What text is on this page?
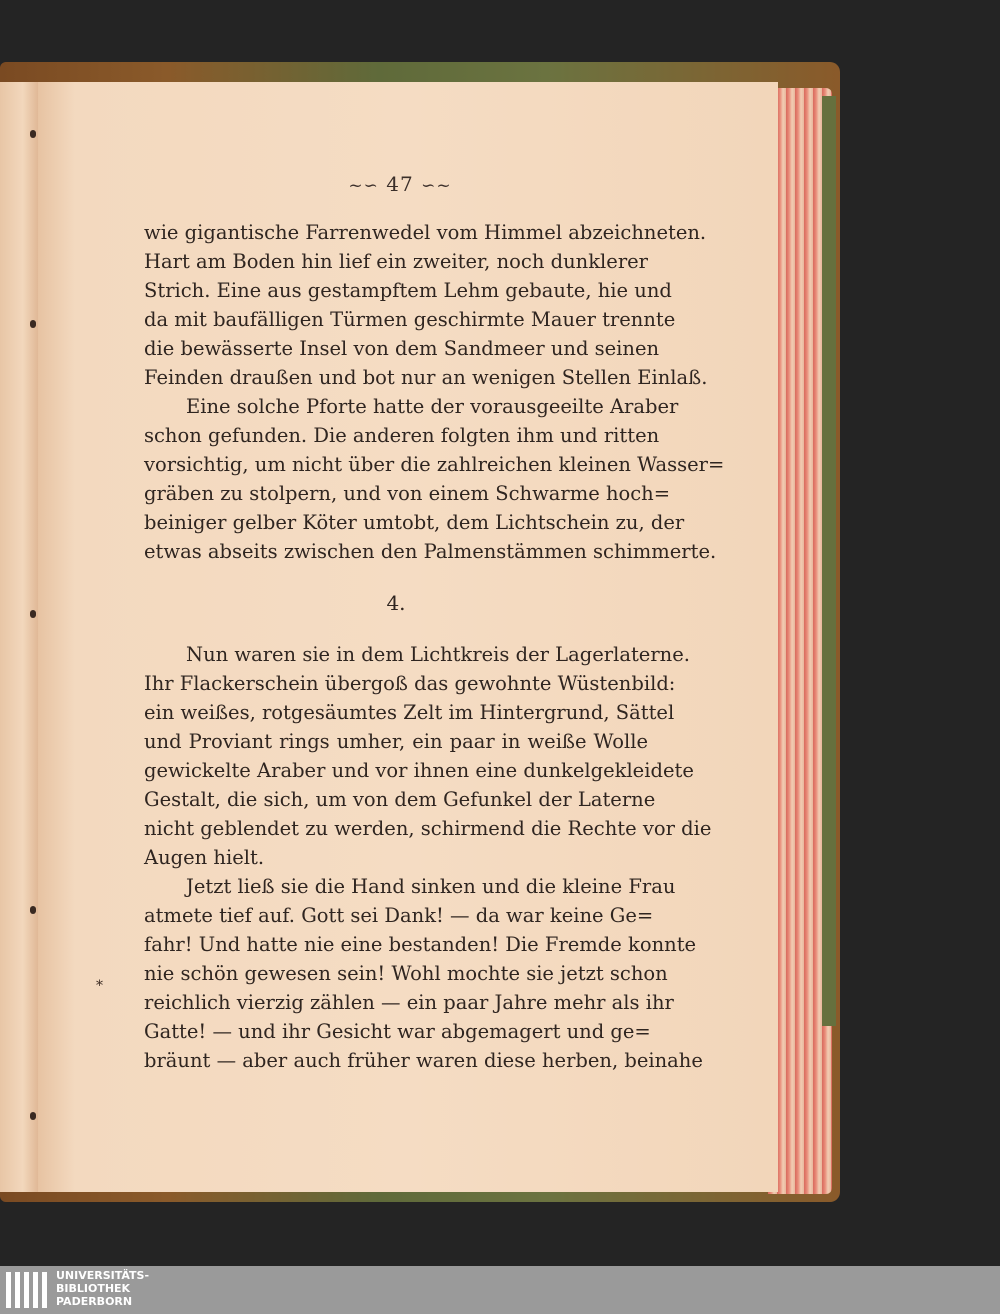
~∽ 47 ∽~
wie gigantische Farrenwedel vom Himmel abzeichneten.
Hart am Boden hin lief ein zweiter, noch dunklerer
Strich. Eine aus gestampftem Lehm gebaute, hie und
da mit baufälligen Türmen geschirmte Mauer trennte
die bewässerte Insel von dem Sandmeer und seinen
Feinden draußen und bot nur an wenigen Stellen Einlaß.
Eine solche Pforte hatte der vorausgeeilte Araber
schon gefunden. Die anderen folgten ihm und ritten
vorsichtig, um nicht über die zahlreichen kleinen Wasser=
gräben zu stolpern, und von einem Schwarme hoch=
beiniger gelber Köter umtobt, dem Lichtschein zu, der
etwas abseits zwischen den Palmenstämmen schimmerte.
4.
Nun waren sie in dem Lichtkreis der Lagerlaterne.
Ihr Flackerschein übergoß das gewohnte Wüstenbild:
ein weißes, rotgesäumtes Zelt im Hintergrund, Sättel
und Proviant rings umher, ein paar in weiße Wolle
gewickelte Araber und vor ihnen eine dunkelgekleidete
Gestalt, die sich, um von dem Gefunkel der Laterne
nicht geblendet zu werden, schirmend die Rechte vor die
Augen hielt.
Jetzt ließ sie die Hand sinken und die kleine Frau
atmete tief auf. Gott sei Dank! — da war keine Ge=
fahr! Und hatte nie eine bestanden! Die Fremde konnte
nie schön gewesen sein! Wohl mochte sie jetzt schon
reichlich vierzig zählen — ein paar Jahre mehr als ihr
Gatte! — und ihr Gesicht war abgemagert und ge=
bräunt — aber auch früher waren diese herben, beinahe
*
UNIVERSITÄTS-
BIBLIOTHEK
PADERBORN
